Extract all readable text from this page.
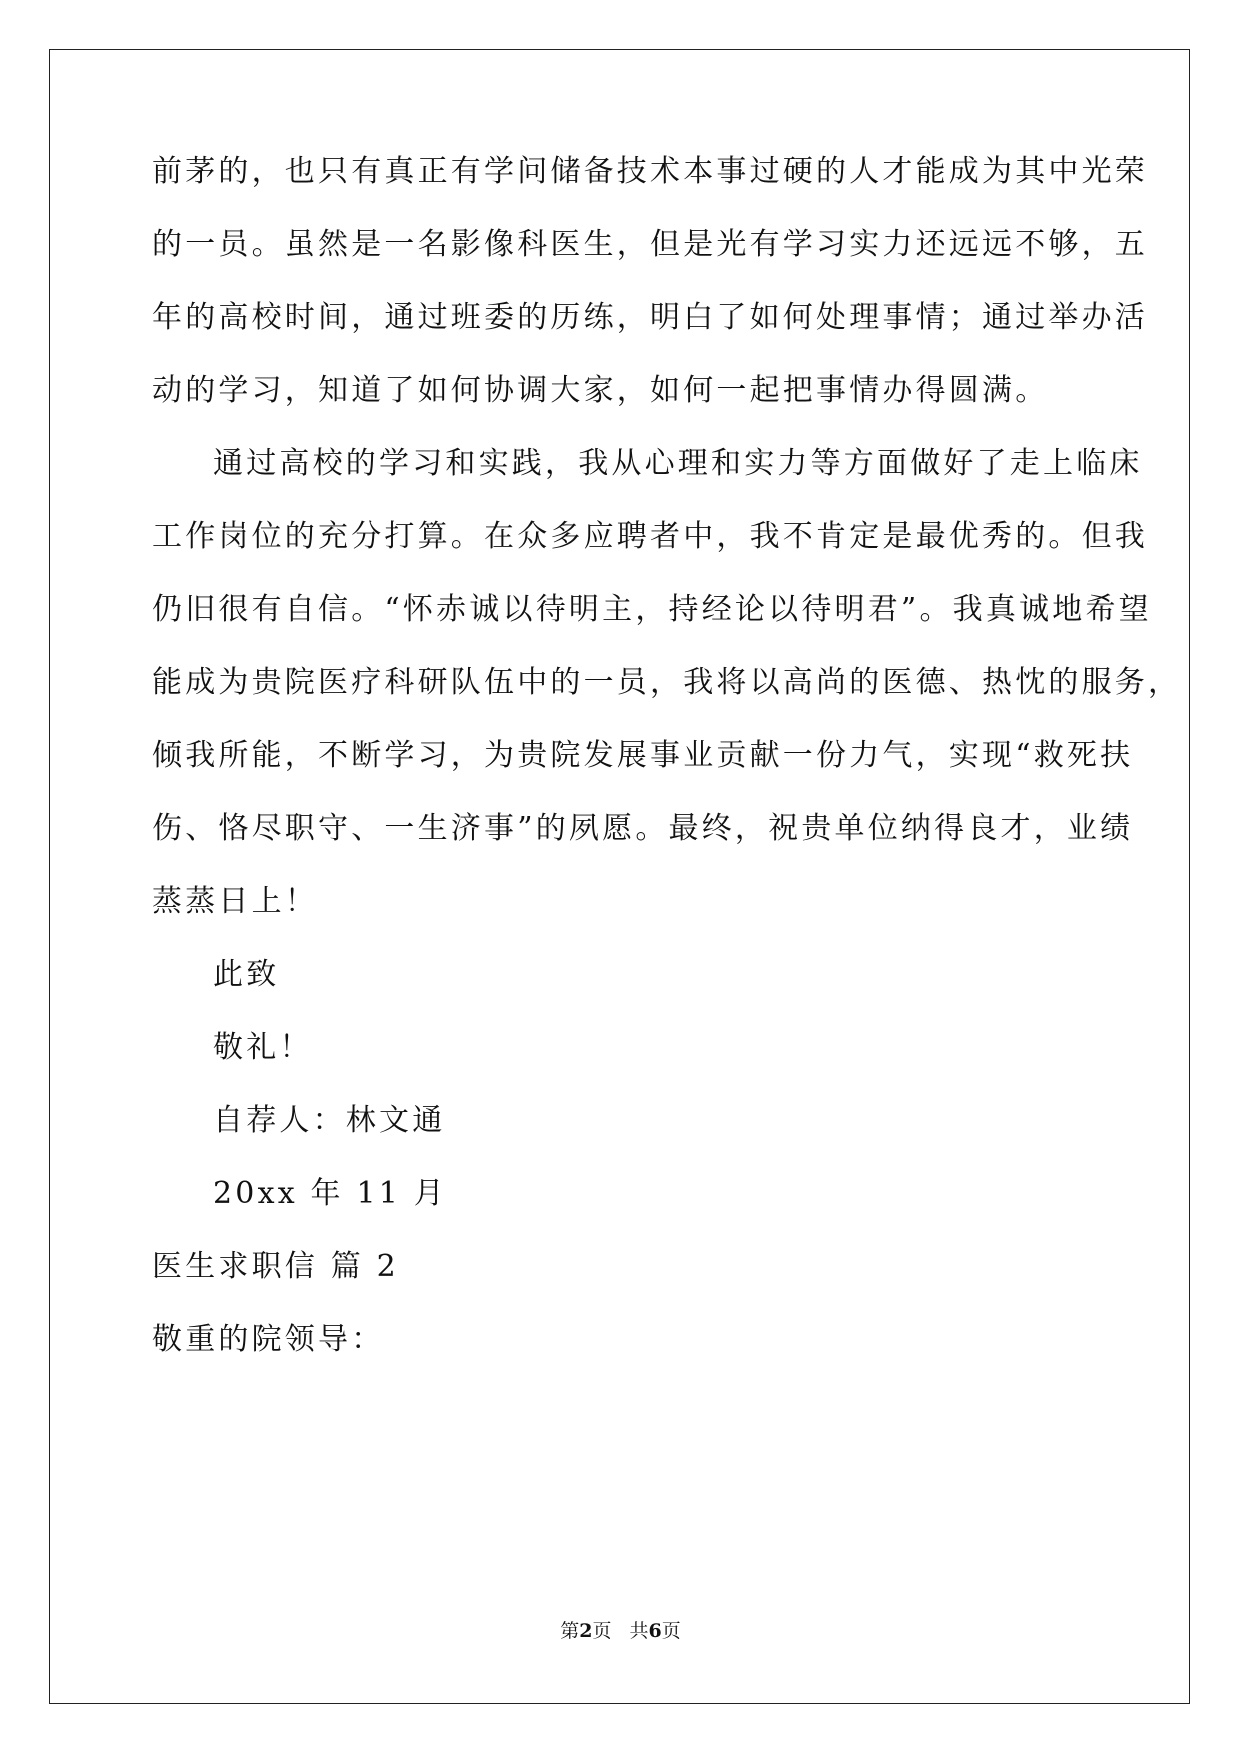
前茅的，也只有真正有学问储备技术本事过硬的人才能成为其中光荣
的一员。虽然是一名影像科医生，但是光有学习实力还远远不够，五
年的高校时间，通过班委的历练，明白了如何处理事情；通过举办活
动的学习，知道了如何协调大家，如何一起把事情办得圆满。
通过高校的学习和实践，我从心理和实力等方面做好了走上临床
工作岗位的充分打算。在众多应聘者中，我不肯定是最优秀的。但我
仍旧很有自信。“怀赤诚以待明主，持经论以待明君”。我真诚地希望
能成为贵院医疗科研队伍中的一员，我将以高尚的医德、热忱的服务，
倾我所能，不断学习，为贵院发展事业贡献一份力气，实现“救死扶
伤、恪尽职守、一生济事”的夙愿。最终，祝贵单位纳得良才，业绩
蒸蒸日上！
此致
敬礼！
自荐人：林文通
20xx 年 11 月
医生求职信 篇 2
敬重的院领导：
第2页 共6页
